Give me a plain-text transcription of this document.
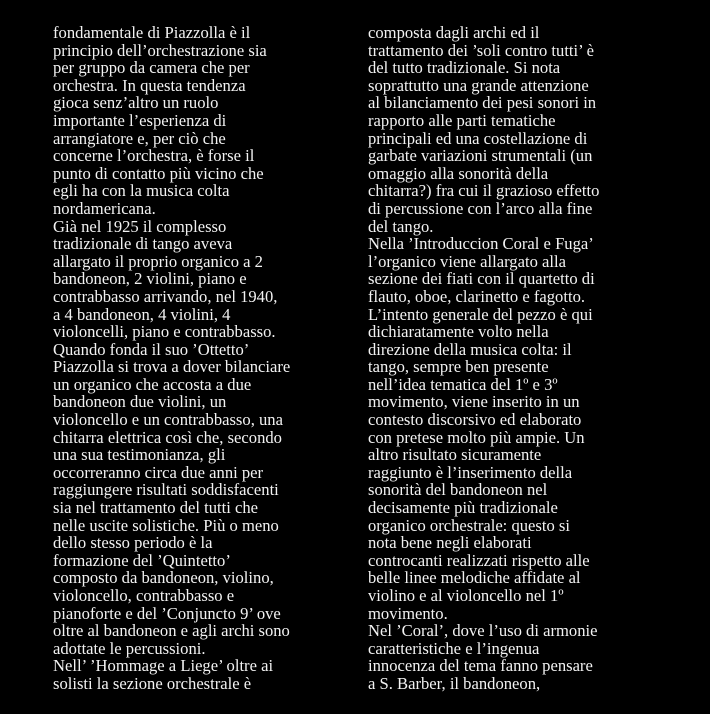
fondamentale di Piazzolla è il
principio dell’orchestrazione sia
per gruppo da camera che per
orchestra. In questa tendenza
gioca senz’altro un ruolo
importante l’esperienza di
arrangiatore e, per ciò che
concerne l’orchestra, è forse il
punto di contatto più vicino che
egli ha con la musica colta
nordamericana.
Già nel 1925 il complesso
tradizionale di tango aveva
allargato il proprio organico a 2
bandoneon, 2 violini, piano e
contrabbasso arrivando, nel 1940,
a 4 bandoneon, 4 violini, 4
violoncelli, piano e contrabbasso.
Quando fonda il suo ’Ottetto’
Piazzolla si trova a dover bilanciare
un organico che accosta a due
bandoneon due violini, un
violoncello e un contrabbasso, una
chitarra elettrica così che, secondo
una sua testimonianza, gli
occorreranno circa due anni per
raggiungere risultati soddisfacenti
sia nel trattamento del tutti che
nelle uscite solistiche. Più o meno
dello stesso periodo è la
formazione del ’Quintetto’
composto da bandoneon, violino,
violoncello, contrabbasso e
pianoforte e del ’Conjuncto 9’ ove
oltre al bandoneon e agli archi sono
adottate le percussioni.
Nell’ ’Hommage a Liege’ oltre ai
solisti la sezione orchestrale è
composta dagli archi ed il
trattamento dei ’soli contro tutti’ è
del tutto tradizionale. Si nota
soprattutto una grande attenzione
al bilanciamento dei pesi sonori in
rapporto alle parti tematiche
principali ed una costellazione di
garbate variazioni strumentali (un
omaggio alla sonorità della
chitarra?) fra cui il grazioso effetto
di percussione con l’arco alla fine
del tango.
Nella ’Introduccion Coral e Fuga’
l’organico viene allargato alla
sezione dei fiati con il quartetto di
flauto, oboe, clarinetto e fagotto.
L’intento generale del pezzo è qui
dichiaratamente volto nella
direzione della musica colta: il
tango, sempre ben presente
nell’idea tematica del 1º e 3º
movimento, viene inserito in un
contesto discorsivo ed elaborato
con pretese molto più ampie. Un
altro risultato sicuramente
raggiunto è l’inserimento della
sonorità del bandoneon nel
decisamente più tradizionale
organico orchestrale: questo si
nota bene negli elaborati
controcanti realizzati rispetto alle
belle linee melodiche affidate al
violino e al violoncello nel 1º
movimento.
Nel ’Coral’, dove l’uso di armonie
caratteristiche e l’ingenua
innocenza del tema fanno pensare
a S. Barber, il bandoneon,
